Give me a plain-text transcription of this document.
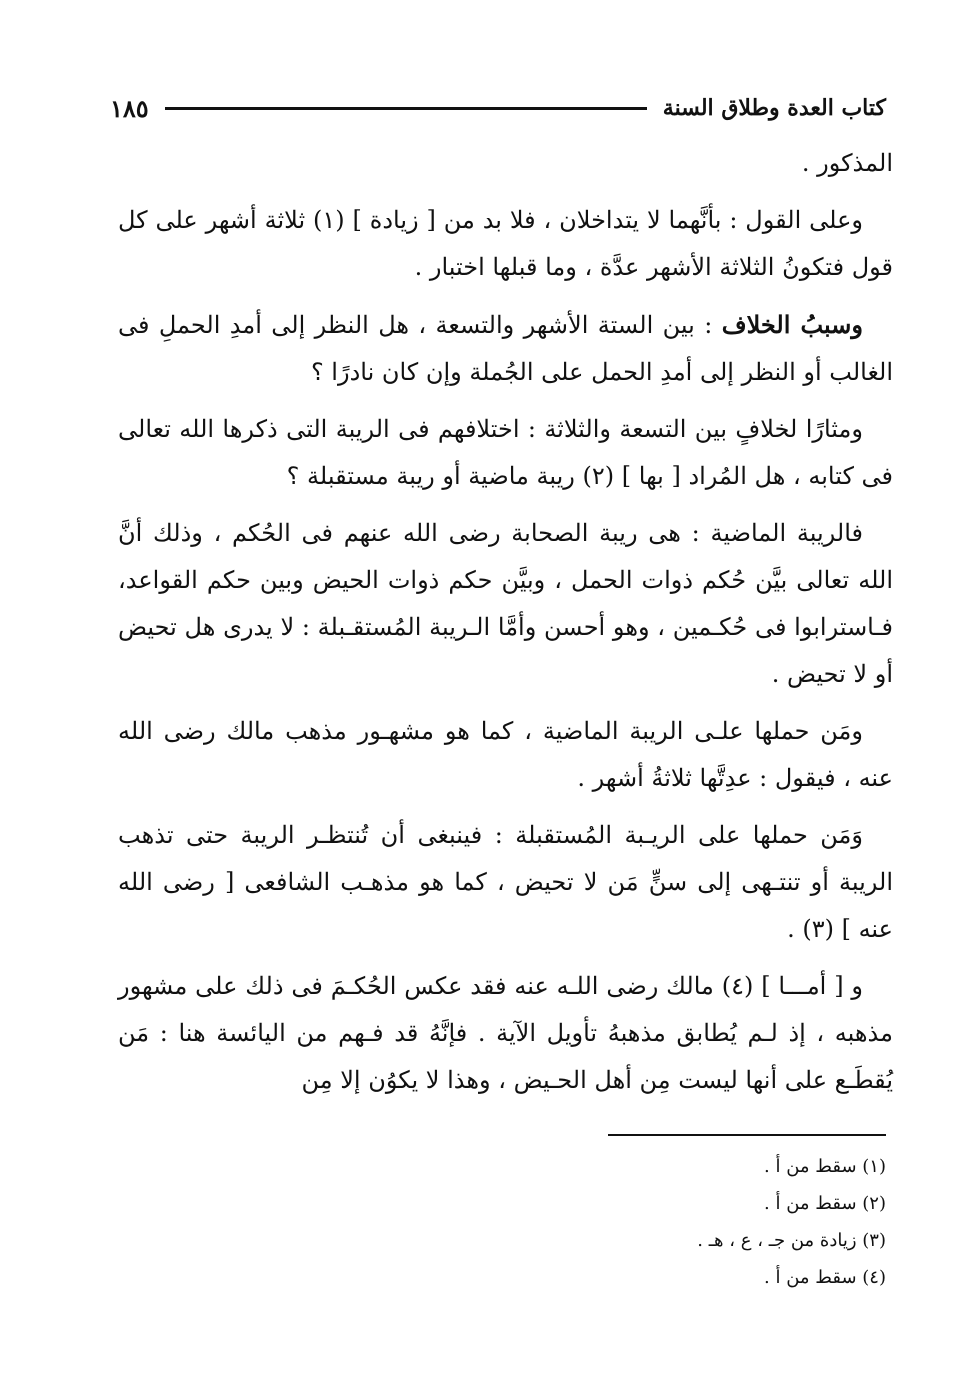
كتاب العدة وطلاق السنة
١٨٥

المذكور .

وعلى القول : بأنَّهما لا يتداخلان ، فلا بد من [ زيادة ] (١) ثلاثة أشهر على كل قول فتكونُ الثلاثة الأشهر عدَّة ، وما قبلها اختبار .

وسببُ الخلاف : بين الستة الأشهر والتسعة ، هل النظر إلى أمدِ الحملِ فى الغالب أو النظر إلى أمدِ الحمل على الجُملة وإن كان نادرًا ؟

ومثارًا لخلافٍ بين التسعة والثلاثة : اختلافهم فى الريبة التى ذكرها الله تعالى فى كتابه ، هل المُراد [ بها ] (٢) ريبة ماضية أو ريبة مستقبلة ؟

فالريبة الماضية : هى ريبة الصحابة رضى الله عنهم فى الحُكم ، وذلك أنَّ الله تعالى بيَّن حُكم ذوات الحمل ، وبيَّن حكم ذوات الحيض وبين حكم القواعد، فـاسترابوا فى حُكـمين ، وهو أحسن وأمَّا الـريبة المُستقـبلة : لا يدرى هل تحيض أو لا تحيض .

ومَن حملها علـى الريبة الماضية ، كما هو مشهـور مذهب مالك رضى الله عنه ، فيقول : عدِتَّها ثلاثةُ أشهر .

وَمَن حملها على الريـبة المُستقبلة : فينبغى أن تُنتظـر الريبة حتى تذهب الريبة أو تنتـهى إلى سنٍّ مَن لا تحيض ، كما هو مذهـب الشافعى [ رضى الله عنه ] (٣) .

و [ أمـــا ] (٤) مالك رضى اللـه عنه فقد عكس الحُكـمَ فى ذلك على مشهور مذهبه ، إذ لـم يُطابق مذهبهُ تأويل الآية . فإنَّهُ قد فـهم من اليائسة هنا : مَن يُقطَـع على أنها ليست مِن أهل الحـيض ، وهذا لا يكوُن إلا مِن

(١) سقط من أ .
(٢) سقط من أ .
(٣) زيادة من جـ ، ع ، هـ .
(٤) سقط من أ .
